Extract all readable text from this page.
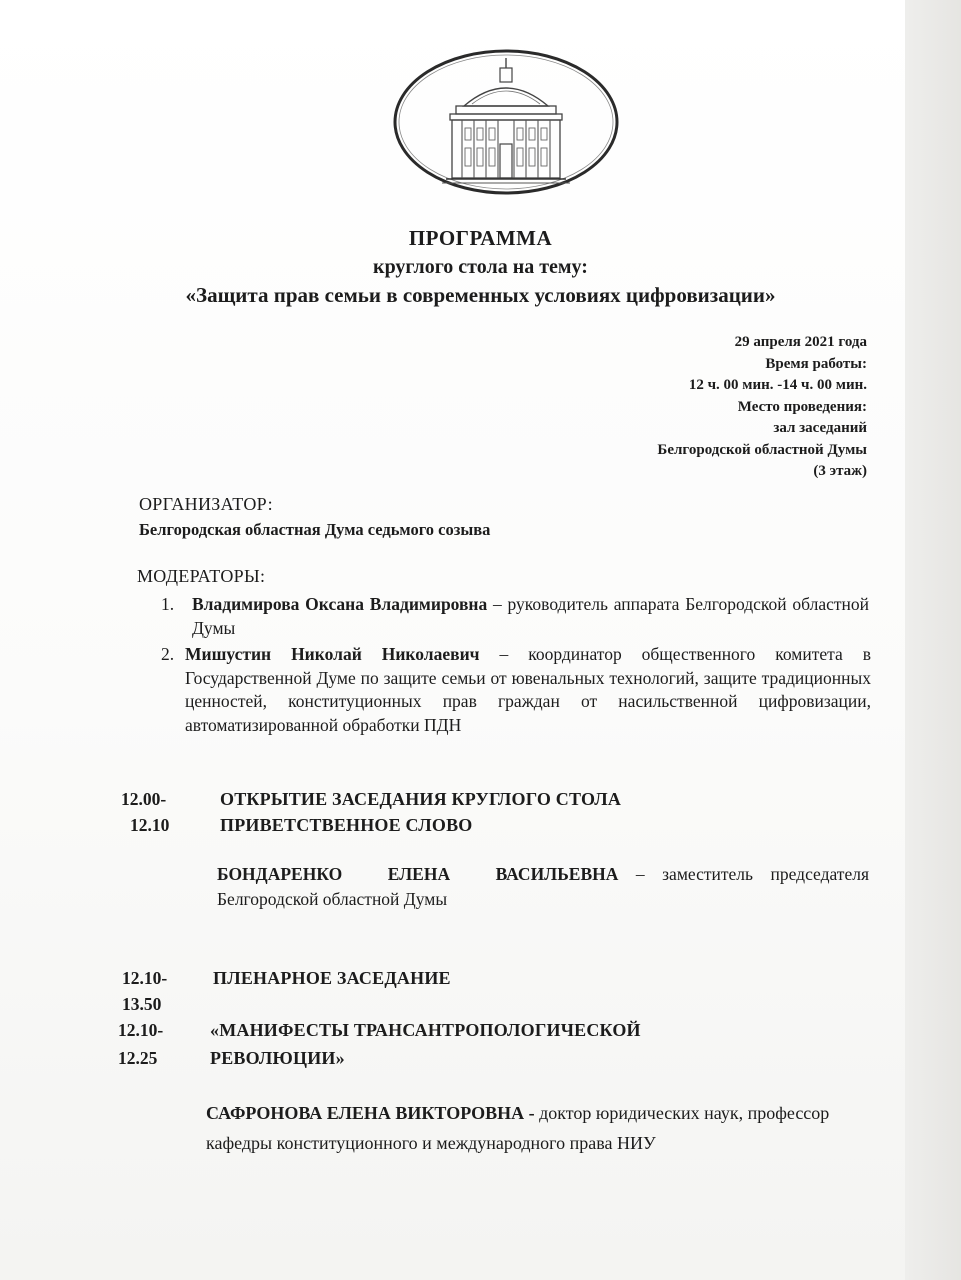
ПРОГРАММА
круглого стола на тему:
«Защита прав семьи в современных условиях цифровизации»
29 апреля 2021 года
Время работы:
12 ч. 00 мин. -14 ч. 00 мин.
Место проведения:
зал заседаний
Белгородской областной Думы
(3 этаж)
ОРГАНИЗАТОР:
Белгородская областная Дума седьмого созыва
МОДЕРАТОРЫ:
1. Владимирова Оксана Владимировна – руководитель аппарата Белгородской областной Думы
2. Мишустин Николай Николаевич – координатор общественного комитета в Государственной Думе по защите семьи от ювенальных технологий, защите традиционных ценностей, конституционных прав граждан от насильственной цифровизации, автоматизированной обработки ПДН
12.00-
12.10
ОТКРЫТИЕ ЗАСЕДАНИЯ КРУГЛОГО СТОЛА
ПРИВЕТСТВЕННОЕ СЛОВО
БОНДАРЕНКО ЕЛЕНА ВАСИЛЬЕВНА – заместитель председателя Белгородской областной Думы
12.10-
13.50
ПЛЕНАРНОЕ ЗАСЕДАНИЕ
12.10-
12.25
«МАНИФЕСТЫ ТРАНСАНТРОПОЛОГИЧЕСКОЙ
РЕВОЛЮЦИИ»
САФРОНОВА ЕЛЕНА ВИКТОРОВНА - доктор юридических наук, профессор кафедры конституционного и международного права НИУ
